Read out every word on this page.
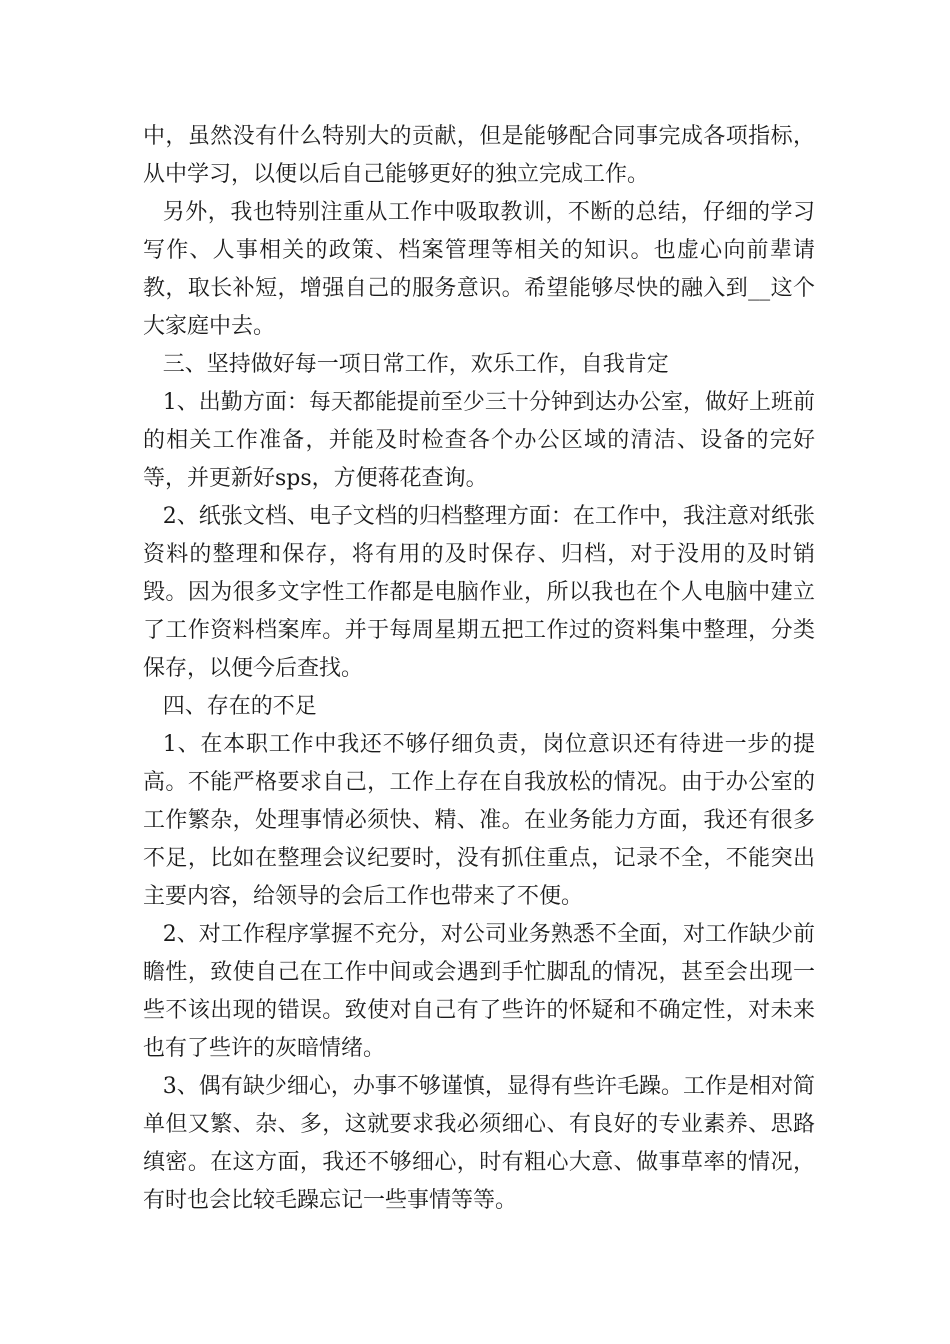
中，虽然没有什么特别大的贡献，但是能够配合同事完成各项指标，从中学习，以便以后自己能够更好的独立完成工作。

另外，我也特别注重从工作中吸取教训，不断的总结，仔细的学习写作、人事相关的政策、档案管理等相关的知识。也虚心向前辈请教，取长补短，增强自己的服务意识。希望能够尽快的融入到__这个大家庭中去。

三、坚持做好每一项日常工作，欢乐工作，自我肯定

1、出勤方面：每天都能提前至少三十分钟到达办公室，做好上班前的相关工作准备，并能及时检查各个办公区域的清洁、设备的完好等，并更新好sps，方便蒋花查询。

2、纸张文档、电子文档的归档整理方面：在工作中，我注意对纸张资料的整理和保存，将有用的及时保存、归档，对于没用的及时销毁。因为很多文字性工作都是电脑作业，所以我也在个人电脑中建立了工作资料档案库。并于每周星期五把工作过的资料集中整理，分类保存，以便今后查找。

四、存在的不足

1、在本职工作中我还不够仔细负责，岗位意识还有待进一步的提高。不能严格要求自己，工作上存在自我放松的情况。由于办公室的工作繁杂，处理事情必须快、精、准。在业务能力方面，我还有很多不足，比如在整理会议纪要时，没有抓住重点，记录不全，不能突出主要内容，给领导的会后工作也带来了不便。

2、对工作程序掌握不充分，对公司业务熟悉不全面，对工作缺少前瞻性，致使自己在工作中间或会遇到手忙脚乱的情况，甚至会出现一些不该出现的错误。致使对自己有了些许的怀疑和不确定性，对未来也有了些许的灰暗情绪。

3、偶有缺少细心，办事不够谨慎，显得有些许毛躁。工作是相对简单但又繁、杂、多，这就要求我必须细心、有良好的专业素养、思路缜密。在这方面，我还不够细心，时有粗心大意、做事草率的情况，有时也会比较毛躁忘记一些事情等等。
